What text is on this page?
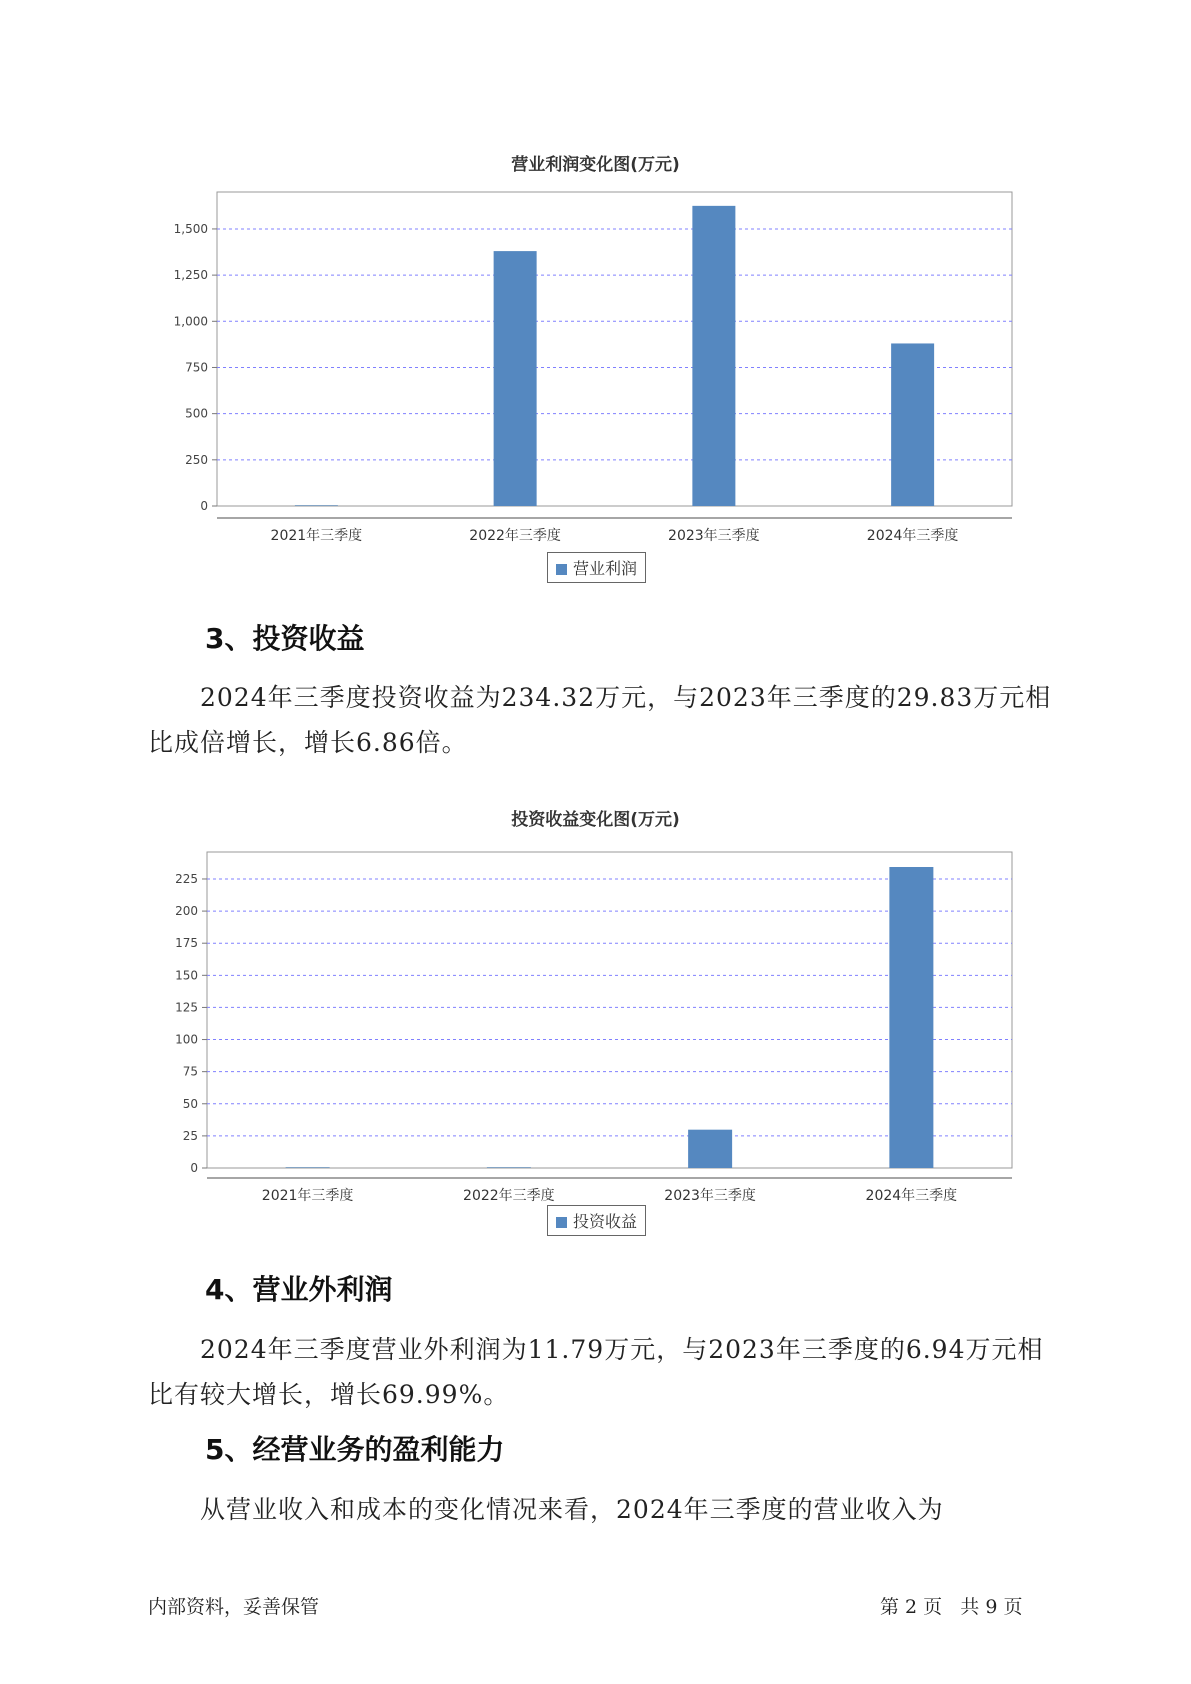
营业利润变化图(万元)
0
250
500
750
1,000
1,250
1,500
2021年三季度	2022年三季度	2023年三季度	2024年三季度
营业利润
3、投资收益
2024年三季度投资收益为234.32万元，与2023年三季度的29.83万元相比成倍增长，增长6.86倍。
投资收益变化图(万元)
0
25
50
75
100
125
150
175
200
225
2021年三季度	2022年三季度	2023年三季度	2024年三季度
投资收益
4、营业外利润
2024年三季度营业外利润为11.79万元，与2023年三季度的6.94万元相比有较大增长，增长69.99%。
5、经营业务的盈利能力
从营业收入和成本的变化情况来看，2024年三季度的营业收入为
内部资料，妥善保管	第 2 页   共 9 页
